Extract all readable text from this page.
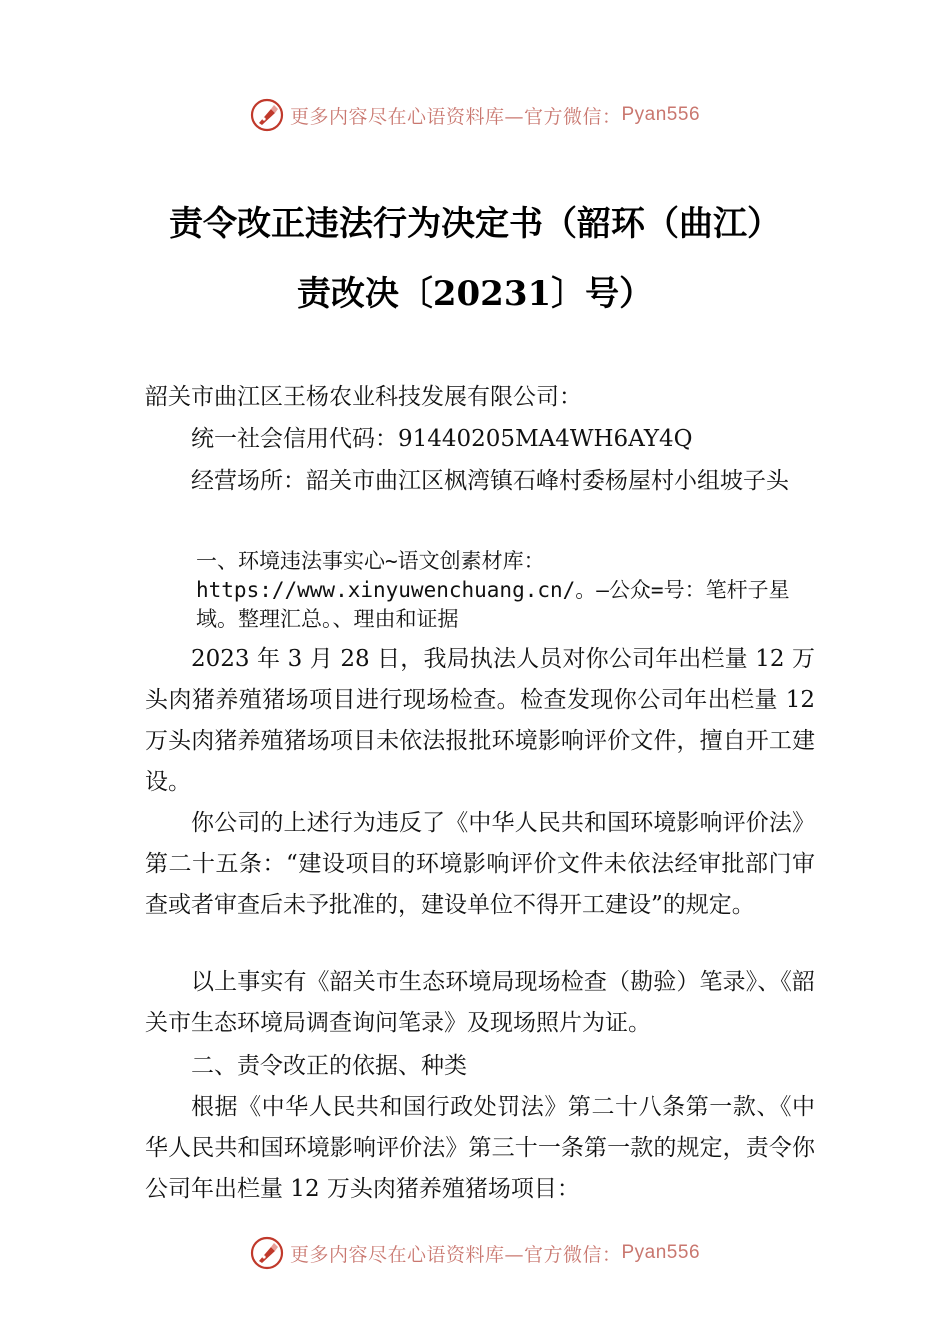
更多内容尽在心语资料库—官方微信： Pyan556
责令改正违法行为决定书（韶环（曲江）
责改决〔20231〕号）

韶关市曲江区王杨农业科技发展有限公司：

统一社会信用代码：91440205MA4WH6AY4Q

经营场所：韶关市曲江区枫湾镇石峰村委杨屋村小组坡子头

一、环境违法事实心~语文创素材库：https://www.xinyuwenchuang.cn/。—公众=号：笔杆子星域。整理汇总。、理由和证据

2023 年 3 月 28 日，我局执法人员对你公司年出栏量 12 万头肉猪养殖猪场项目进行现场检查。检查发现你公司年出栏量 12 万头肉猪养殖猪场项目未依法报批环境影响评价文件，擅自开工建设。

你公司的上述行为违反了《中华人民共和国环境影响评价法》第二十五条：“建设项目的环境影响评价文件未依法经审批部门审查或者审查后未予批准的，建设单位不得开工建设”的规定。

以上事实有《韶关市生态环境局现场检查（勘验）笔录》、《韶关市生态环境局调查询问笔录》及现场照片为证。

二、责令改正的依据、种类

根据《中华人民共和国行政处罚法》第二十八条第一款、《中华人民共和国环境影响评价法》第三十一条第一款的规定，责令你公司年出栏量 12 万头肉猪养殖猪场项目：

更多内容尽在心语资料库—官方微信： Pyan556
